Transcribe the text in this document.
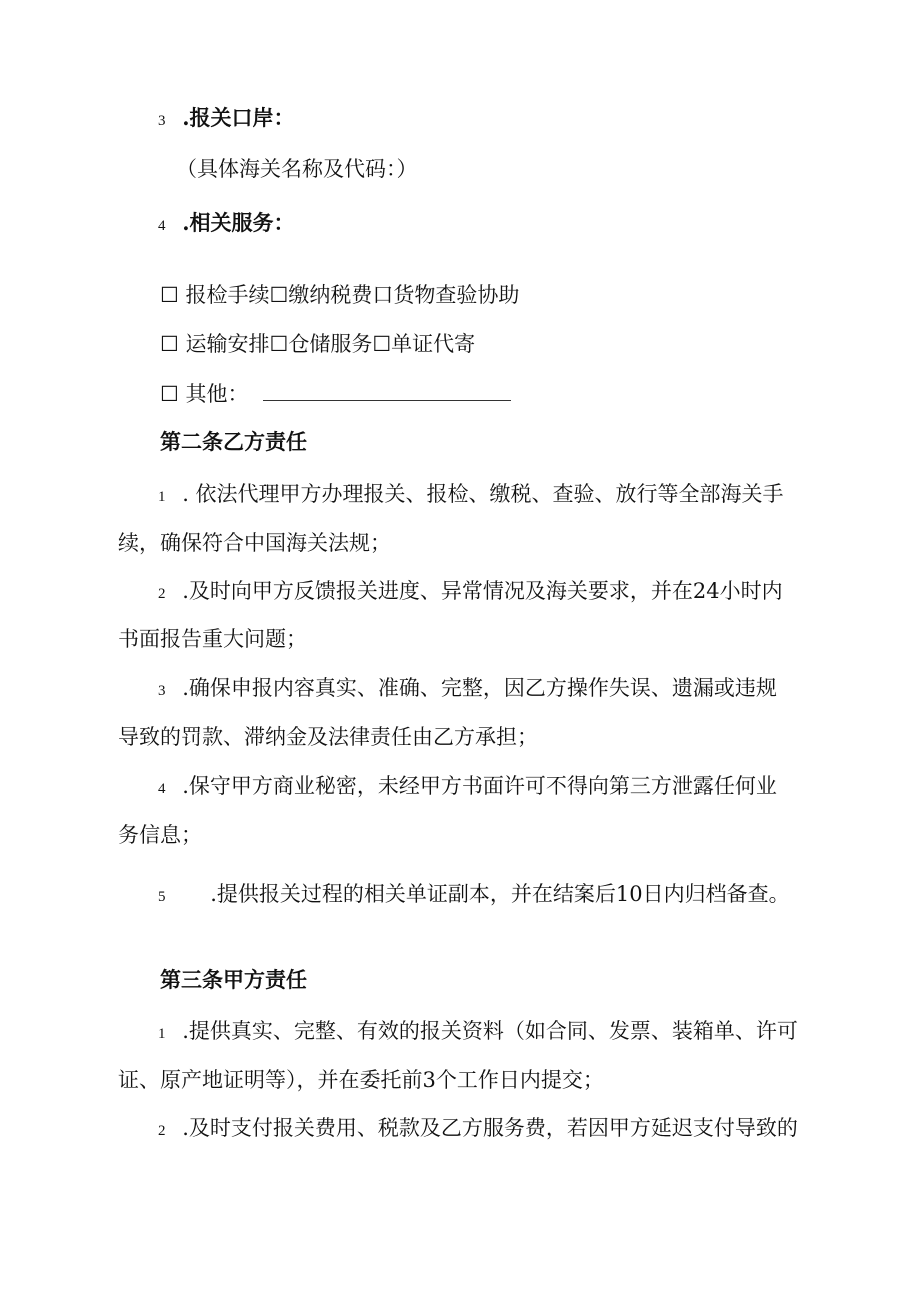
3 .报关口岸：
（具体海关名称及代码：）
4 .相关服务：
☐ 报检手续☐缴纳税费口货物查验协助
☐ 运输安排☐仓储服务☐单证代寄
☐ 其他：
第二条乙方责任
1 . 依法代理甲方办理报关、报检、缴税、查验、放行等全部海关手
续，确保符合中国海关法规；
2 .及时向甲方反馈报关进度、异常情况及海关要求，并在24小时内
书面报告重大问题；
3 .确保申报内容真实、准确、完整，因乙方操作失误、遗漏或违规
导致的罚款、滞纳金及法律责任由乙方承担；
4 .保守甲方商业秘密，未经甲方书面许可不得向第三方泄露任何业
务信息；
5 .提供报关过程的相关单证副本，并在结案后10日内归档备查。
第三条甲方责任
1 .提供真实、完整、有效的报关资料（如合同、发票、装箱单、许可
证、原产地证明等），并在委托前3个工作日内提交；
2 .及时支付报关费用、税款及乙方服务费，若因甲方延迟支付导致的
